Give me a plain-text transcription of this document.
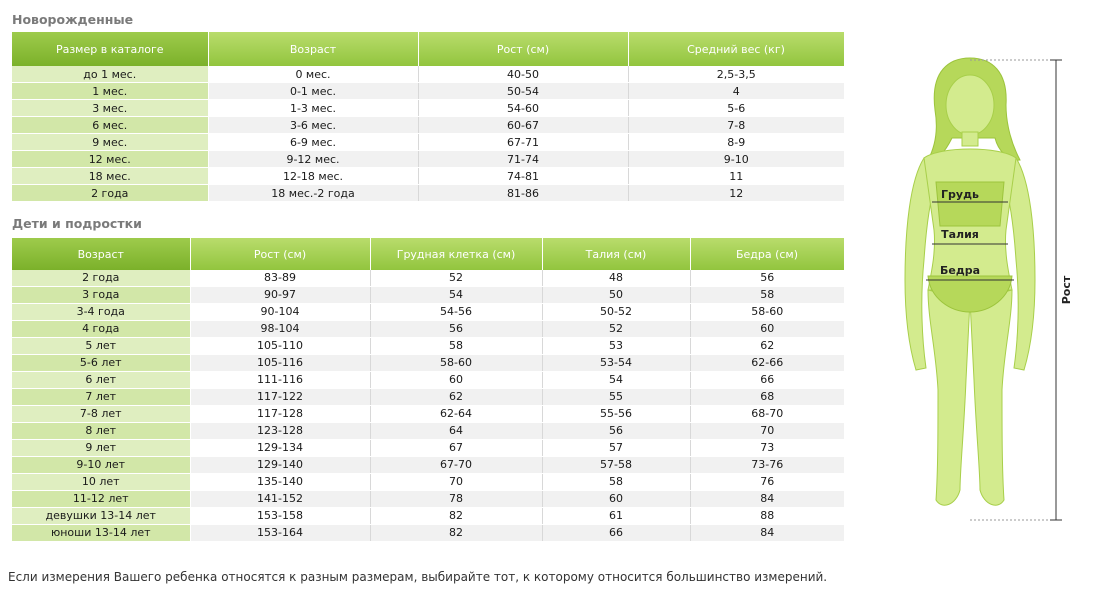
Новорожденные
Размер в каталоге	Возраст	Рост (см)	Средний вес (кг)
до 1 мес.	0 мес.	40-50	2,5-3,5
1 мес.	0-1 мес.	50-54	4
3 мес.	1-3 мес.	54-60	5-6
6 мес.	3-6 мес.	60-67	7-8
9 мес.	6-9 мес.	67-71	8-9
12 мес.	9-12 мес.	71-74	9-10
18 мес.	12-18 мес.	74-81	11
2 года	18 мес.-2 года	81-86	12
Дети и подростки
Возраст	Рост (см)	Грудная клетка (см)	Талия (см)	Бедра (см)
2 года	83-89	52	48	56
3 года	90-97	54	50	58
3-4 года	90-104	54-56	50-52	58-60
4 года	98-104	56	52	60
5 лет	105-110	58	53	62
5-6 лет	105-116	58-60	53-54	62-66
6 лет	111-116	60	54	66
7 лет	117-122	62	55	68
7-8 лет	117-128	62-64	55-56	68-70
8 лет	123-128	64	56	70
9 лет	129-134	67	57	73
9-10 лет	129-140	67-70	57-58	73-76
10 лет	135-140	70	58	76
11-12 лет	141-152	78	60	84
девушки 13-14 лет	153-158	82	61	88
юноши 13-14 лет	153-164	82	66	84
Грудь
Талия
Бедра
Рост
Если измерения Вашего ребенка относятся к разным размерам, выбирайте тот, к которому относится большинство измерений.
